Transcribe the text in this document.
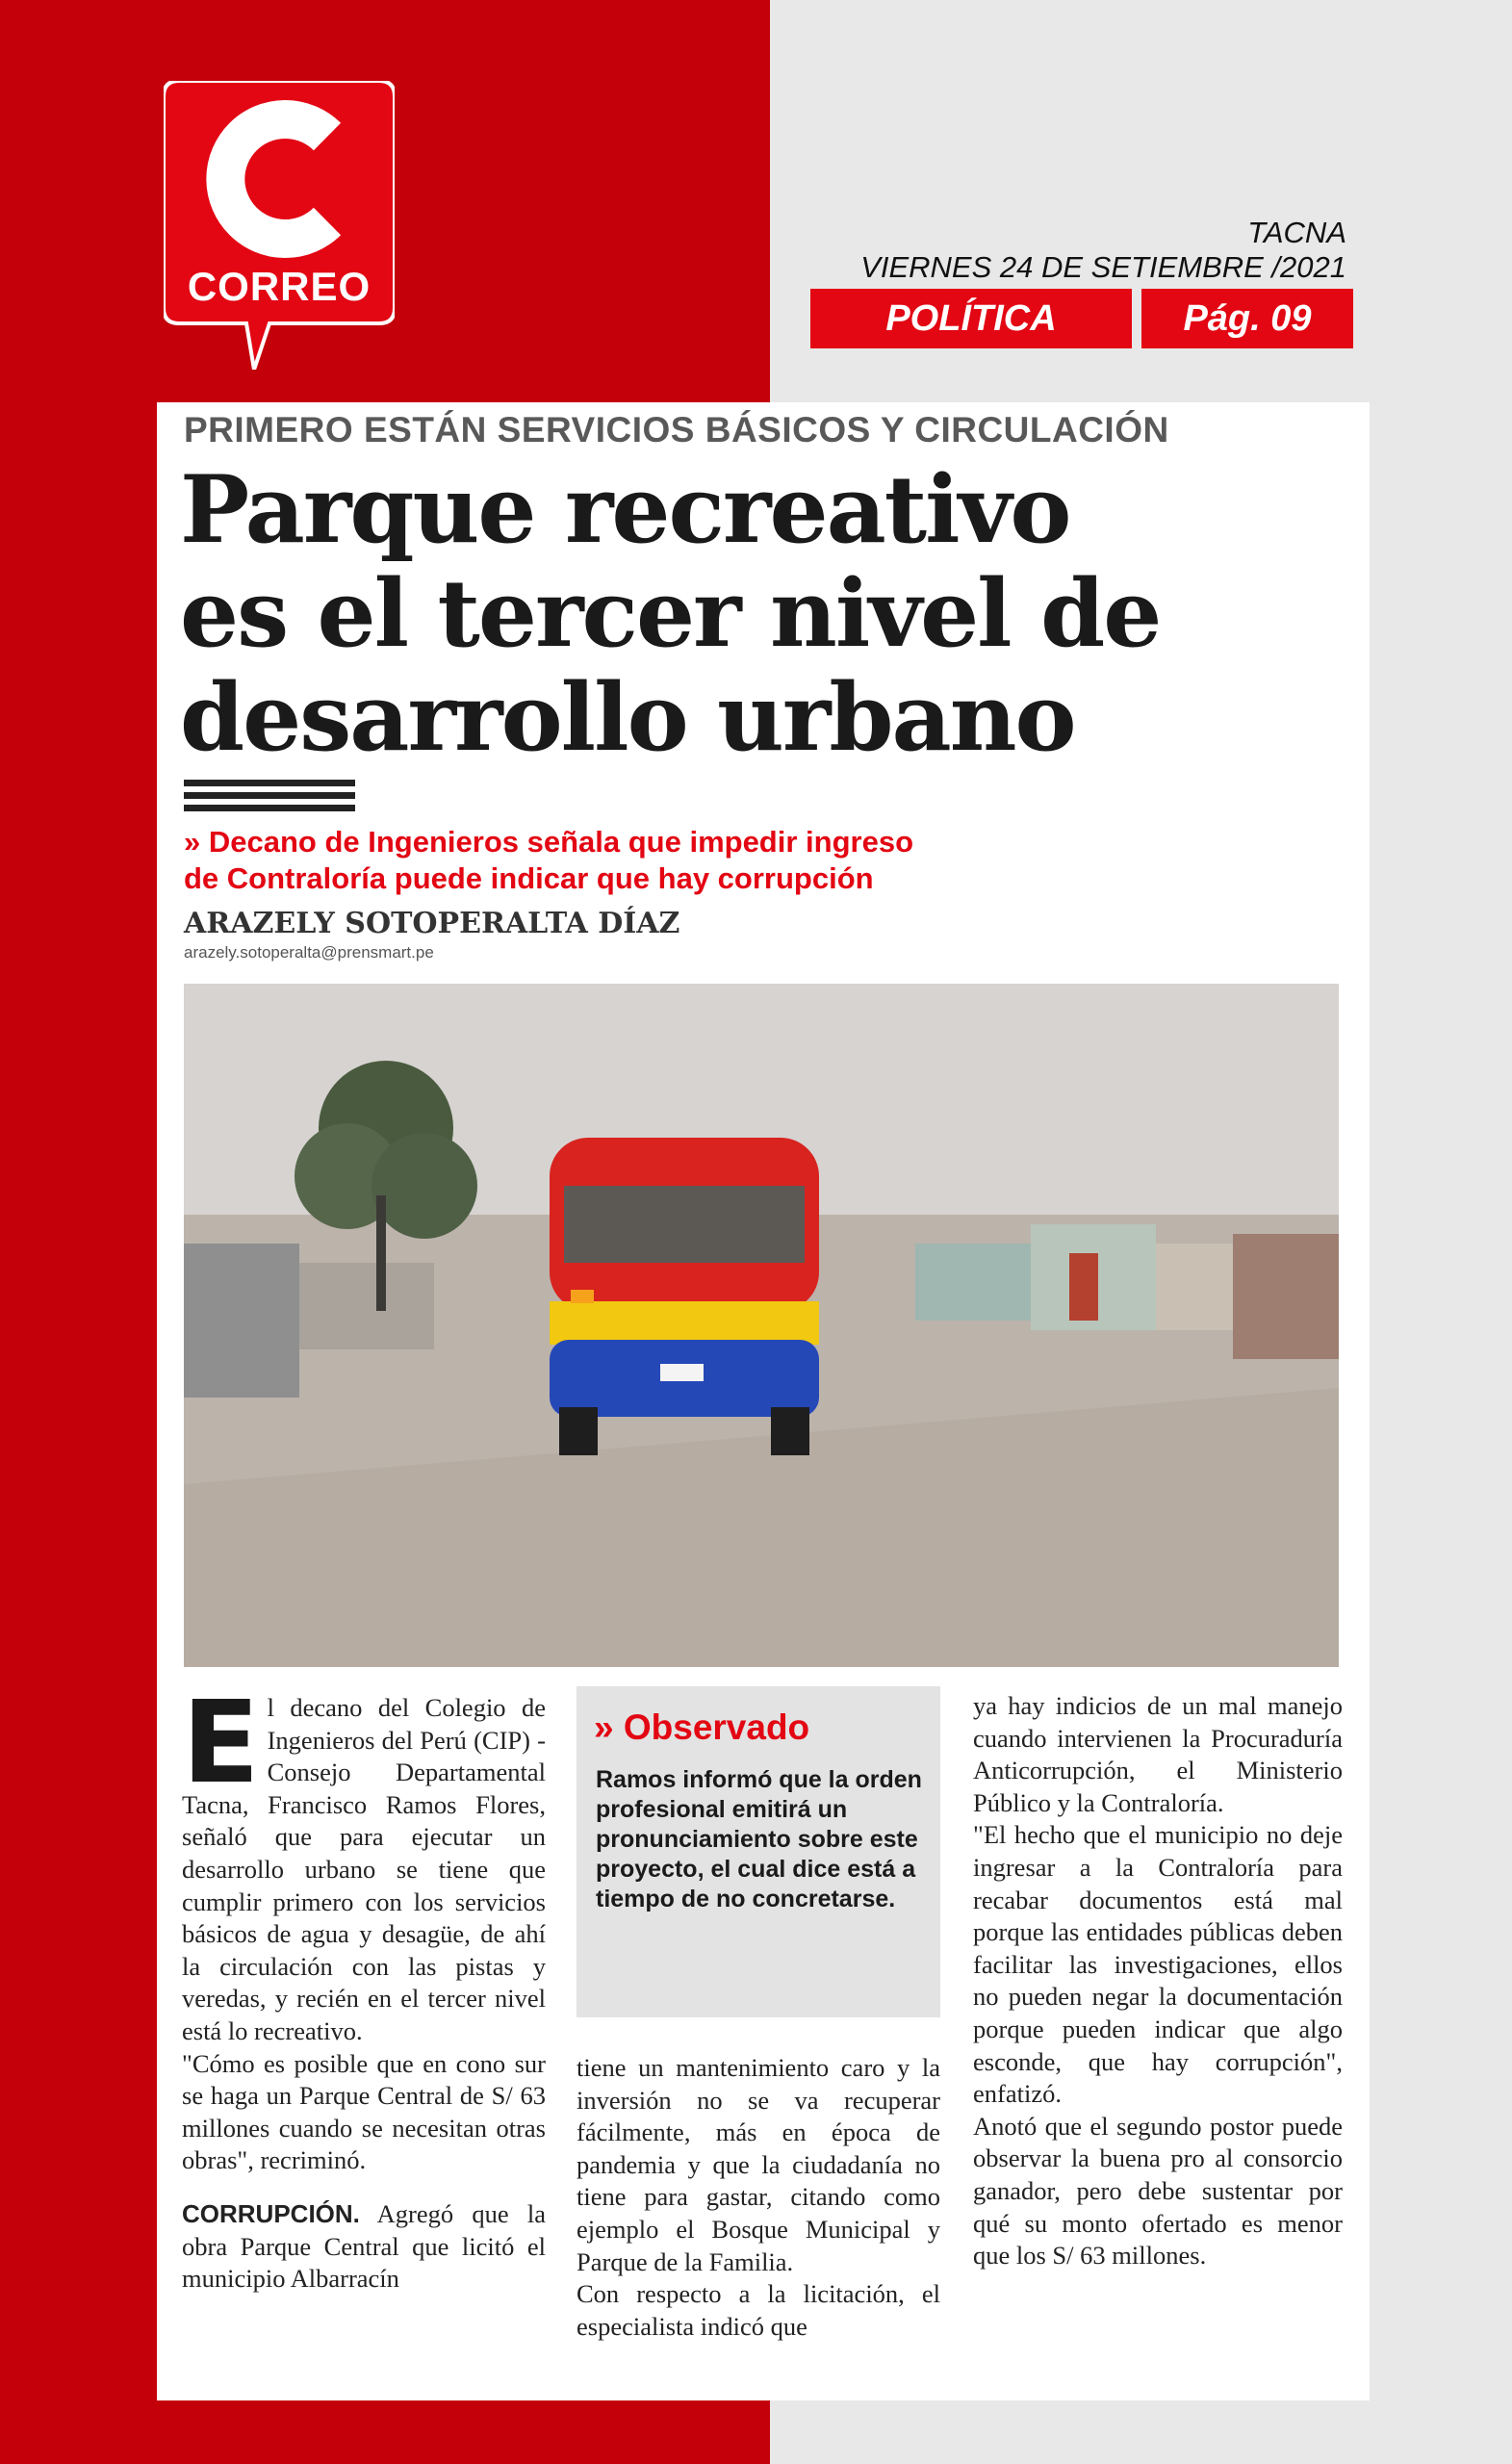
CORREO
TACNA
VIERNES 24 DE SETIEMBRE /2021
POLÍTICA	Pág. 09
PRIMERO ESTÁN SERVICIOS BÁSICOS Y CIRCULACIÓN
Parque recreativo
es el tercer nivel de
desarrollo urbano
» Decano de Ingenieros señala que impedir ingreso
de Contraloría puede indicar que hay corrupción
ARAZELY SOTOPERALTA DÍAZ
arazely.sotoperalta@prensmart.pe
E l decano del Colegio de Ingenieros del Perú (CIP) - Consejo Departamental Tacna, Francisco Ramos Flores, señaló que para ejecutar un desarrollo urbano se tiene que cumplir primero con los servicios básicos de agua y desagüe, de ahí la circulación con las pistas y veredas, y recién en el tercer nivel está lo recreativo.

"Cómo es posible que en cono sur se haga un Parque Central de S/ 63 millones cuando se necesitan otras obras", recriminó.

CORRUPCIÓN. Agregó que la obra Parque Central que licitó el municipio Albarracín

» Observado
Ramos informó que la orden profesional emitirá un pronunciamiento sobre este proyecto, el cual dice está a tiempo de no concretarse.

tiene un mantenimiento caro y la inversión no se va recuperar fácilmente, más en época de pandemia y que la ciudadanía no tiene para gastar, citando como ejemplo el Bosque Municipal y Parque de la Familia.

Con respecto a la licitación, el especialista indicó que

ya hay indicios de un mal manejo cuando intervienen la Procuraduría Anticorrupción, el Ministerio Público y la Contraloría.

"El hecho que el municipio no deje ingresar a la Contraloría para recabar documentos está mal porque las entidades públicas deben facilitar las investigaciones, ellos no pueden negar la documentación porque pueden indicar que algo esconde, que hay corrupción", enfatizó.

Anotó que el segundo postor puede observar la buena pro al consorcio ganador, pero debe sustentar por qué su monto ofertado es menor que los S/ 63 millones.
